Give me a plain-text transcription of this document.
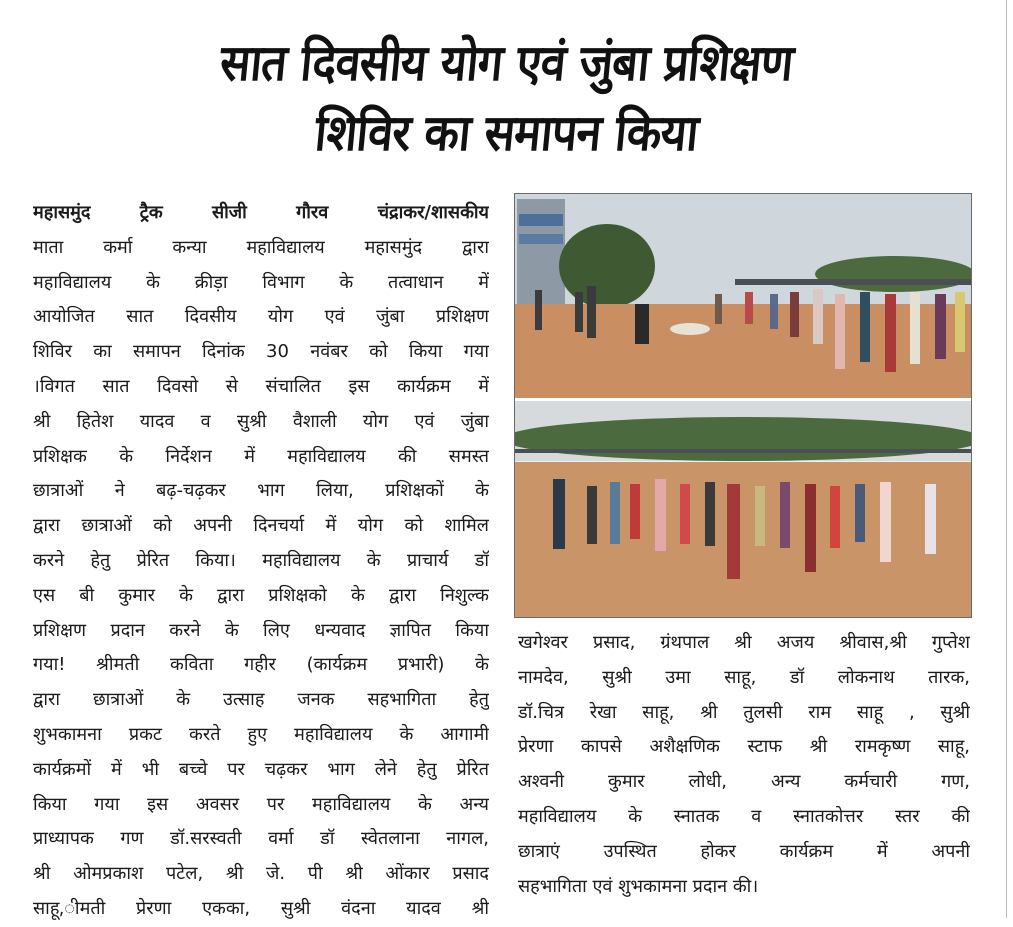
सात दिवसीय योग एवं जुंबा प्रशिक्षण
शिविर का समापन किया
महासमुंद ट्रैक सीजी गौरव चंद्राकर/शासकीय
माता कर्मा कन्या महाविद्यालय महासमुंद द्वारा
महाविद्यालय के क्रीड़ा विभाग के तत्वाधान में
आयोजित सात दिवसीय योग एवं जुंबा प्रशिक्षण
शिविर का समापन दिनांक 30 नवंबर को किया गया
।विगत सात दिवसो से संचालित इस कार्यक्रम में
श्री हितेश यादव व सुश्री वैशाली योग एवं जुंबा
प्रशिक्षक के निर्देशन में महाविद्यालय की समस्त
छात्राओं ने बढ़-चढ़कर भाग लिया, प्रशिक्षकों के
द्वारा छात्राओं को अपनी दिनचर्या में योग को शामिल
करने हेतु प्रेरित किया। महाविद्यालय के प्राचार्य डॉ
एस बी कुमार के द्वारा प्रशिक्षको के द्वारा निशुल्क
प्रशिक्षण प्रदान करने के लिए धन्यवाद ज्ञापित किया
गया! श्रीमती कविता गहीर (कार्यक्रम प्रभारी) के
द्वारा छात्राओं के उत्साह जनक सहभागिता हेतु
शुभकामना प्रकट करते हुए महाविद्यालय के आगामी
कार्यक्रमों में भी बच्चे पर चढ़कर भाग लेने हेतु प्रेरित
किया गया इस अवसर पर महाविद्यालय के अन्य
प्राध्यापक गण डॉ.सरस्वती वर्मा डॉ स्वेतलाना नागल,
श्री ओमप्रकाश पटेल, श्री जे. पी श्री ओंकार प्रसाद
साहू,ीमती प्रेरणा एकका, सुश्री वंदना यादव श्री
खगेश्वर प्रसाद, ग्रंथपाल श्री अजय श्रीवास,श्री गुप्तेश
नामदेव, सुश्री उमा साहू, डॉ लोकनाथ तारक,
डॉ.चित्र रेखा साहू, श्री तुलसी राम साहू , सुश्री
प्रेरणा कापसे अशैक्षणिक स्टाफ श्री रामकृष्ण साहू,
अश्वनी कुमार लोधी, अन्य कर्मचारी गण,
महाविद्यालय के स्नातक व स्नातकोत्तर स्तर की
छात्राएं उपस्थित होकर कार्यक्रम में अपनी
सहभागिता एवं शुभकामना प्रदान की।
